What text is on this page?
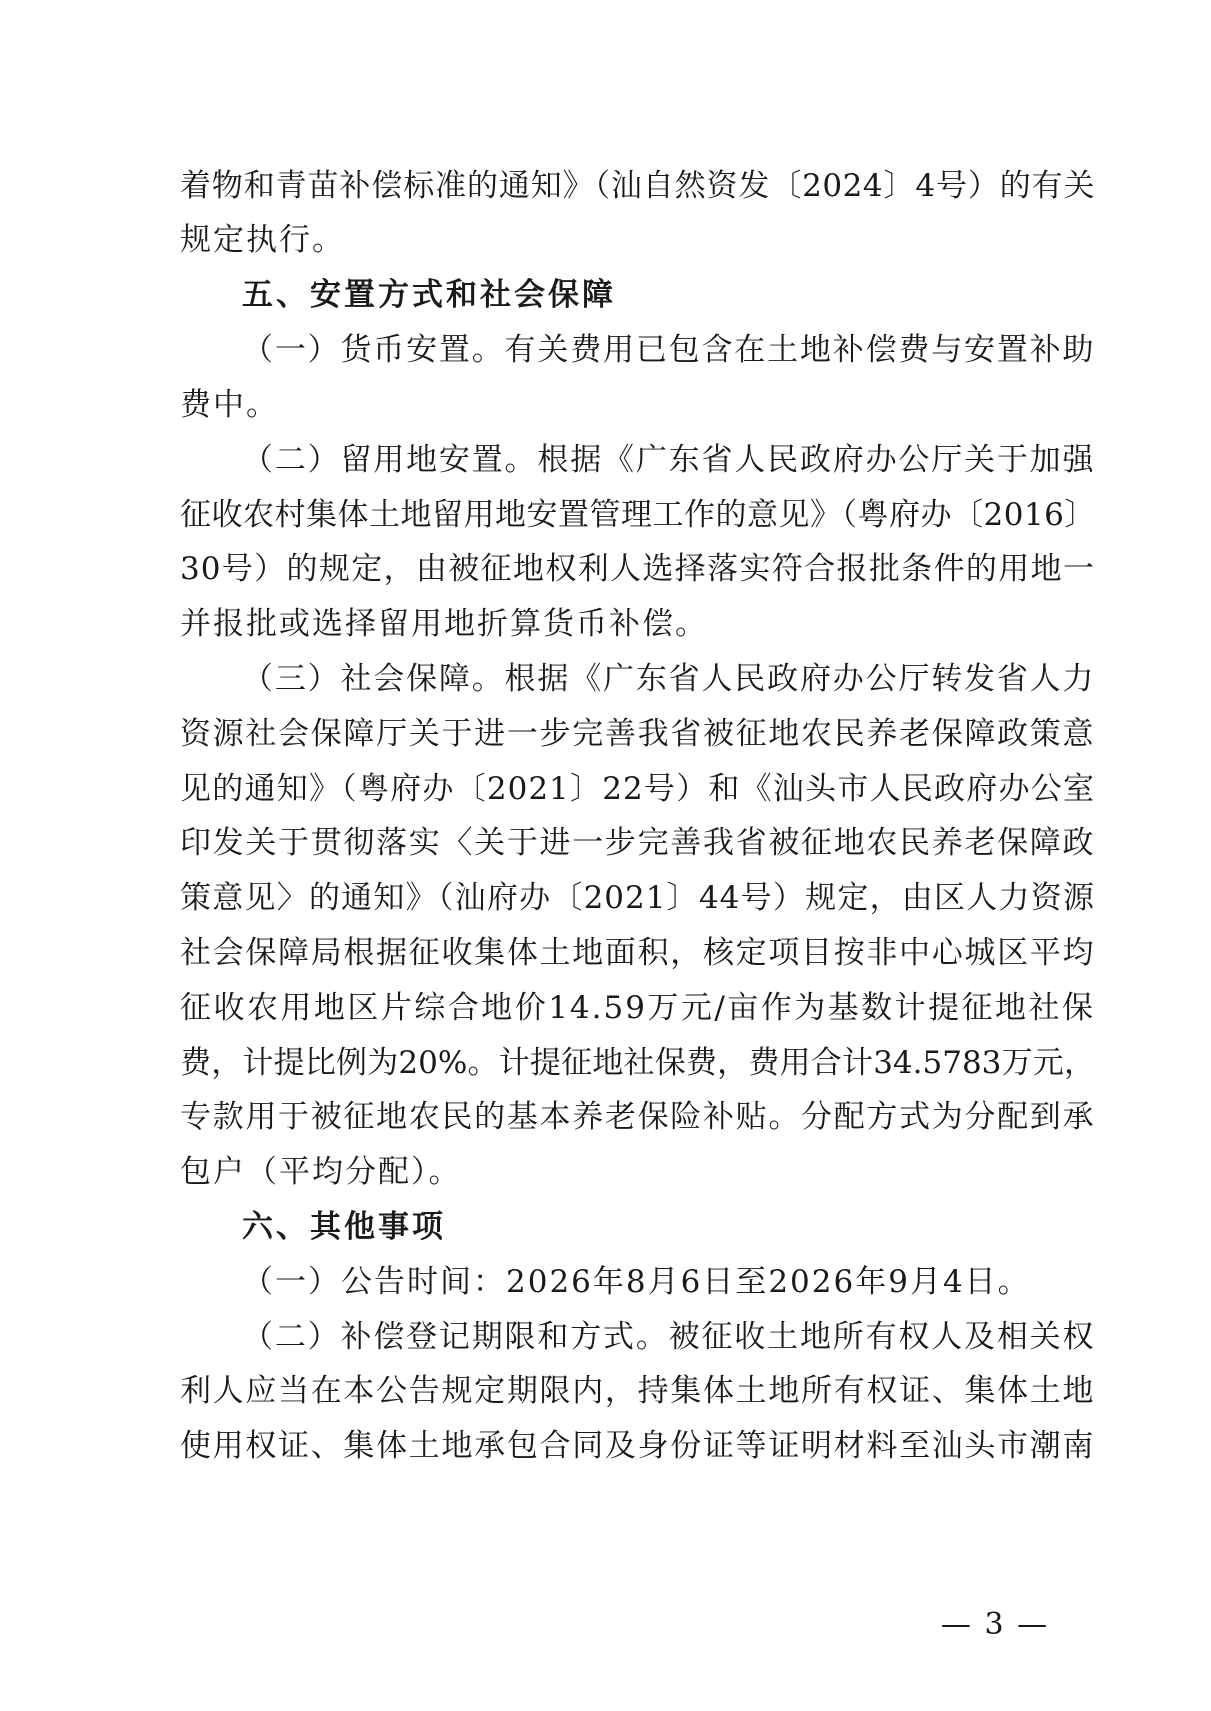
着物和青苗补偿标准的通知》（汕自然资发〔2024〕4号）的有关
规定执行。
五、安置方式和社会保障
（一）货币安置。有关费用已包含在土地补偿费与安置补助
费中。
（二）留用地安置。根据《广东省人民政府办公厅关于加强
征收农村集体土地留用地安置管理工作的意见》（粤府办〔2016〕
30号）的规定，由被征地权利人选择落实符合报批条件的用地一
并报批或选择留用地折算货币补偿。
（三）社会保障。根据《广东省人民政府办公厅转发省人力
资源社会保障厅关于进一步完善我省被征地农民养老保障政策意
见的通知》（粤府办〔2021〕22号）和《汕头市人民政府办公室
印发关于贯彻落实〈关于进一步完善我省被征地农民养老保障政
策意见〉的通知》（汕府办〔2021〕44号）规定，由区人力资源
社会保障局根据征收集体土地面积，核定项目按非中心城区平均
征收农用地区片综合地价14.59万元/亩作为基数计提征地社保
费，计提比例为20%。计提征地社保费，费用合计34.5783万元，
专款用于被征地农民的基本养老保险补贴。分配方式为分配到承
包户（平均分配）。
六、其他事项
（一）公告时间：2026年8月6日至2026年9月4日。
（二）补偿登记期限和方式。被征收土地所有权人及相关权
利人应当在本公告规定期限内，持集体土地所有权证、集体土地
使用权证、集体土地承包合同及身份证等证明材料至汕头市潮南
— 3 —
